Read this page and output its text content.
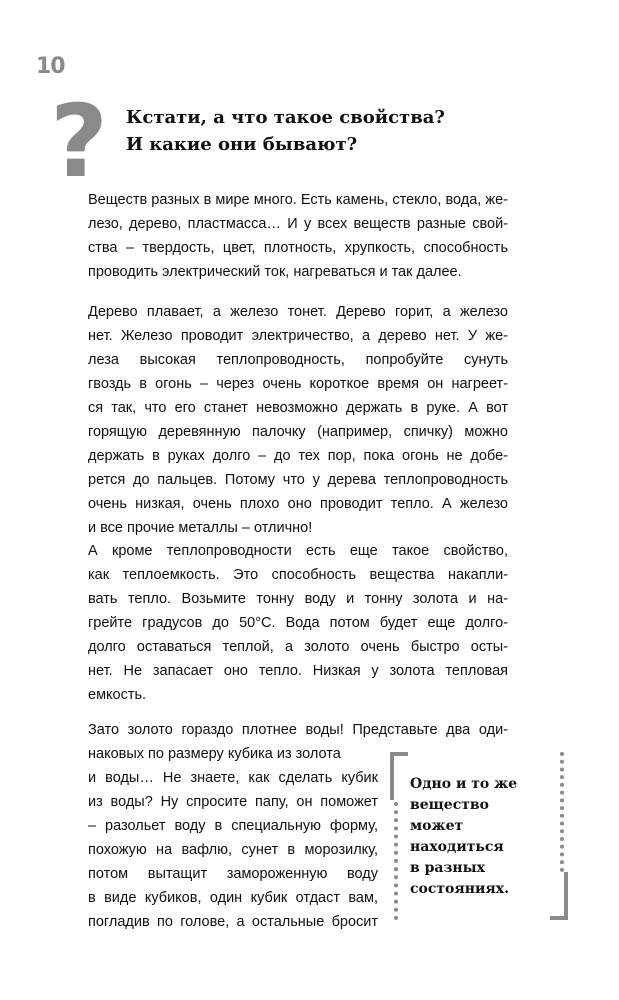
10
? Кстати, а что такое свойства?
И какие они бывают?
Веществ разных в мире много. Есть камень, стекло, вода, же-
лезо, дерево, пластмасса… И у всех веществ разные свой-
ства – твердость, цвет, плотность, хрупкость, способность
проводить электрический ток, нагреваться и так далее.
Дерево плавает, а железо тонет. Дерево горит, а железо
нет. Железо проводит электричество, а дерево нет. У же-
леза высокая теплопроводность, попробуйте сунуть
гвоздь в огонь – через очень короткое время он нагреет-
ся так, что его станет невозможно держать в руке. А вот
горящую деревянную палочку (например, спичку) можно
держать в руках долго – до тех пор, пока огонь не добе-
рется до пальцев. Потому что у дерева теплопроводность
очень низкая, очень плохо оно проводит тепло. А железо
и все прочие металлы – отлично!
А кроме теплопроводности есть еще такое свойство,
как теплоемкость. Это способность вещества накапли-
вать тепло. Возьмите тонну воду и тонну золота и на-
грейте градусов до 50°С. Вода потом будет еще долго-
долго оставаться теплой, а золото очень быстро осты-
нет. Не запасает оно тепло. Низкая у золота тепловая
емкость.
Зато золото гораздо плотнее воды! Представьте два оди-
наковых по размеру кубика из золота
и воды… Не знаете, как сделать кубик
из воды? Ну спросите папу, он поможет
– разольет воду в специальную форму,
похожую на вафлю, сунет в морозилку,
потом вытащит замороженную воду
в виде кубиков, один кубик отдаст вам,
погладив по голове, а остальные бросит
Одно и то же
вещество
может
находиться
в разных
состояниях.
